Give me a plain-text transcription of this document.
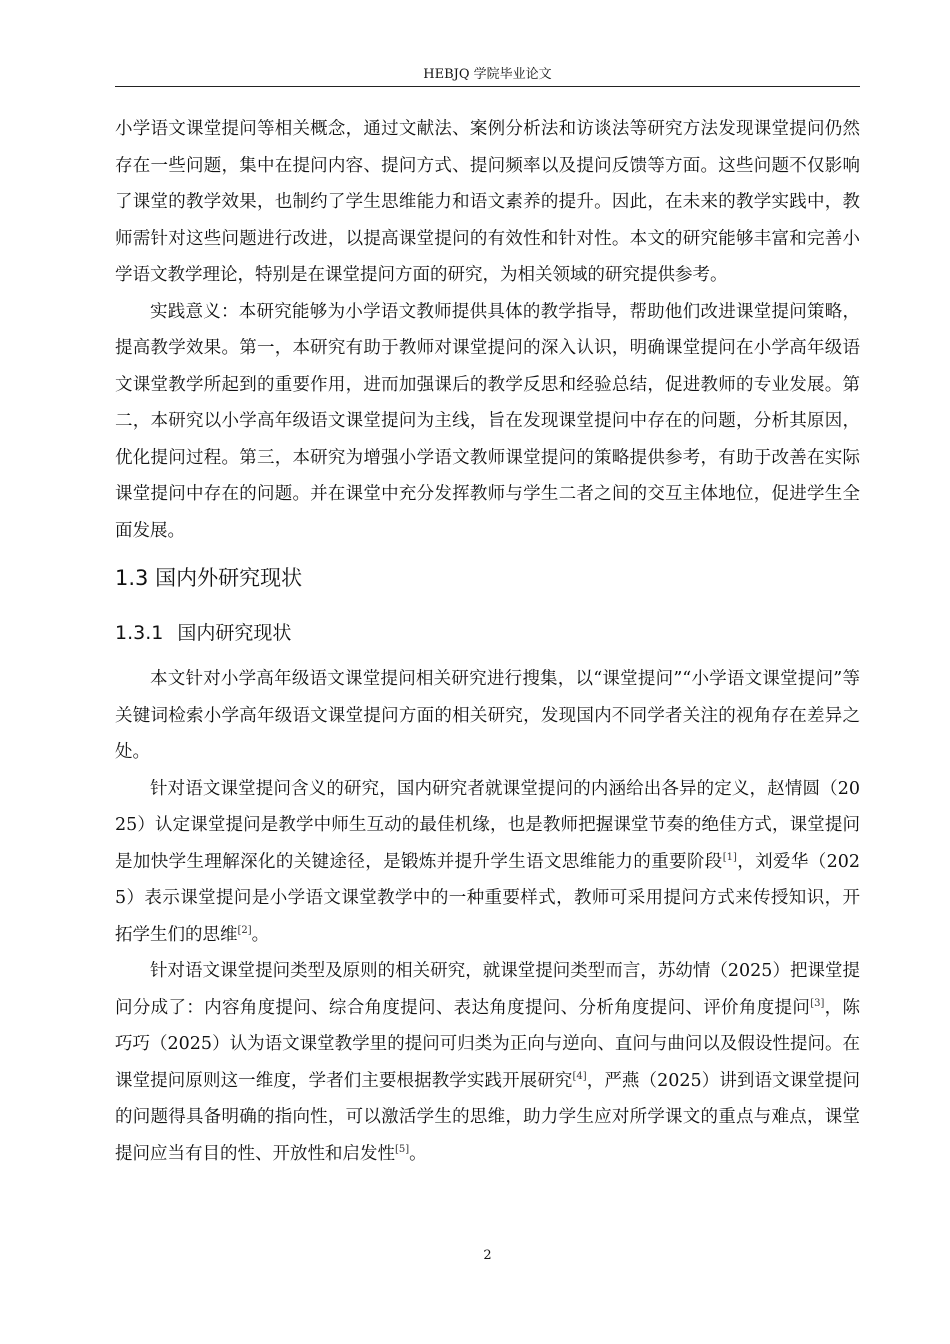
HEBJQ 学院毕业论文

小学语文课堂提问等相关概念，通过文献法、案例分析法和访谈法等研究方法发现课堂提问仍然存在一些问题，集中在提问内容、提问方式、提问频率以及提问反馈等方面。这些问题不仅影响了课堂的教学效果，也制约了学生思维能力和语文素养的提升。因此，在未来的教学实践中，教师需针对这些问题进行改进，以提高课堂提问的有效性和针对性。本文的研究能够丰富和完善小学语文教学理论，特别是在课堂提问方面的研究，为相关领域的研究提供参考。

实践意义：本研究能够为小学语文教师提供具体的教学指导，帮助他们改进课堂提问策略，提高教学效果。第一，本研究有助于教师对课堂提问的深入认识，明确课堂提问在小学高年级语文课堂教学所起到的重要作用，进而加强课后的教学反思和经验总结，促进教师的专业发展。第二，本研究以小学高年级语文课堂提问为主线，旨在发现课堂提问中存在的问题，分析其原因，优化提问过程。第三，本研究为增强小学语文教师课堂提问的策略提供参考，有助于改善在实际课堂提问中存在的问题。并在课堂中充分发挥教师与学生二者之间的交互主体地位，促进学生全面发展。

1.3 国内外研究现状
1.3.1 国内研究现状

本文针对小学高年级语文课堂提问相关研究进行搜集，以“课堂提问”“小学语文课堂提问”等关键词检索小学高年级语文课堂提问方面的相关研究，发现国内不同学者关注的视角存在差异之处。

针对语文课堂提问含义的研究，国内研究者就课堂提问的内涵给出各异的定义，赵情圆（2025）认定课堂提问是教学中师生互动的最佳机缘，也是教师把握课堂节奏的绝佳方式，课堂提问是加快学生理解深化的关键途径，是锻炼并提升学生语文思维能力的重要阶段[1]，刘爱华（2025）表示课堂提问是小学语文课堂教学中的一种重要样式，教师可采用提问方式来传授知识，开拓学生们的思维[2]。

针对语文课堂提问类型及原则的相关研究，就课堂提问类型而言，苏幼情（2025）把课堂提问分成了：内容角度提问、综合角度提问、表达角度提问、分析角度提问、评价角度提问[3]，陈巧巧（2025）认为语文课堂教学里的提问可归类为正向与逆向、直问与曲问以及假设性提问。在课堂提问原则这一维度，学者们主要根据教学实践开展研究[4]，严燕（2025）讲到语文课堂提问的问题得具备明确的指向性，可以激活学生的思维，助力学生应对所学课文的重点与难点，课堂提问应当有目的性、开放性和启发性[5]。

2
